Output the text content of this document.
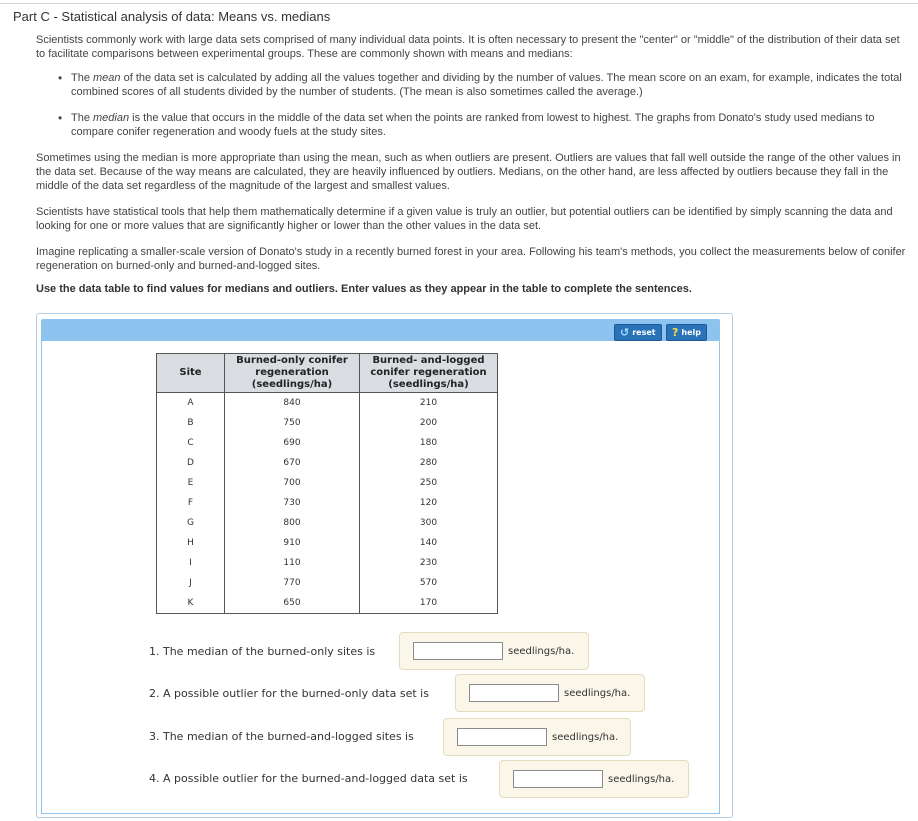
Part C - Statistical analysis of data: Means vs. medians

Scientists commonly work with large data sets comprised of many individual data points. It is often necessary to present the "center" or "middle" of the distribution of their data set to facilitate comparisons between experimental groups. These are commonly shown with means and medians:

• The mean of the data set is calculated by adding all the values together and dividing by the number of values. The mean score on an exam, for example, indicates the total combined scores of all students divided by the number of students. (The mean is also sometimes called the average.)
• The median is the value that occurs in the middle of the data set when the points are ranked from lowest to highest. The graphs from Donato's study used medians to compare conifer regeneration and woody fuels at the study sites.

Sometimes using the median is more appropriate than using the mean, such as when outliers are present. Outliers are values that fall well outside the range of the other values in the data set. Because of the way means are calculated, they are heavily influenced by outliers. Medians, on the other hand, are less affected by outliers because they fall in the middle of the data set regardless of the magnitude of the largest and smallest values.

Scientists have statistical tools that help them mathematically determine if a given value is truly an outlier, but potential outliers can be identified by simply scanning the data and looking for one or more values that are significantly higher or lower than the other values in the data set.

Imagine replicating a smaller-scale version of Donato's study in a recently burned forest in your area. Following his team's methods, you collect the measurements below of conifer regeneration on burned-only and burned-and-logged sites.

Use the data table to find values for medians and outliers. Enter values as they appear in the table to complete the sentences.

↺ reset ? help
Site	Burned-only conifer regeneration (seedlings/ha)	Burned- and-logged conifer regeneration (seedlings/ha)
A	840	210
B	750	200
C	690	180
D	670	280
E	700	250
F	730	120
G	800	300
H	910	140
I	110	230
J	770	570
K	650	170
1. The median of the burned-only sites is	seedlings/ha.
2. A possible outlier for the burned-only data set is	seedlings/ha.
3. The median of the burned-and-logged sites is	seedlings/ha.
4. A possible outlier for the burned-and-logged data set is	seedlings/ha.
